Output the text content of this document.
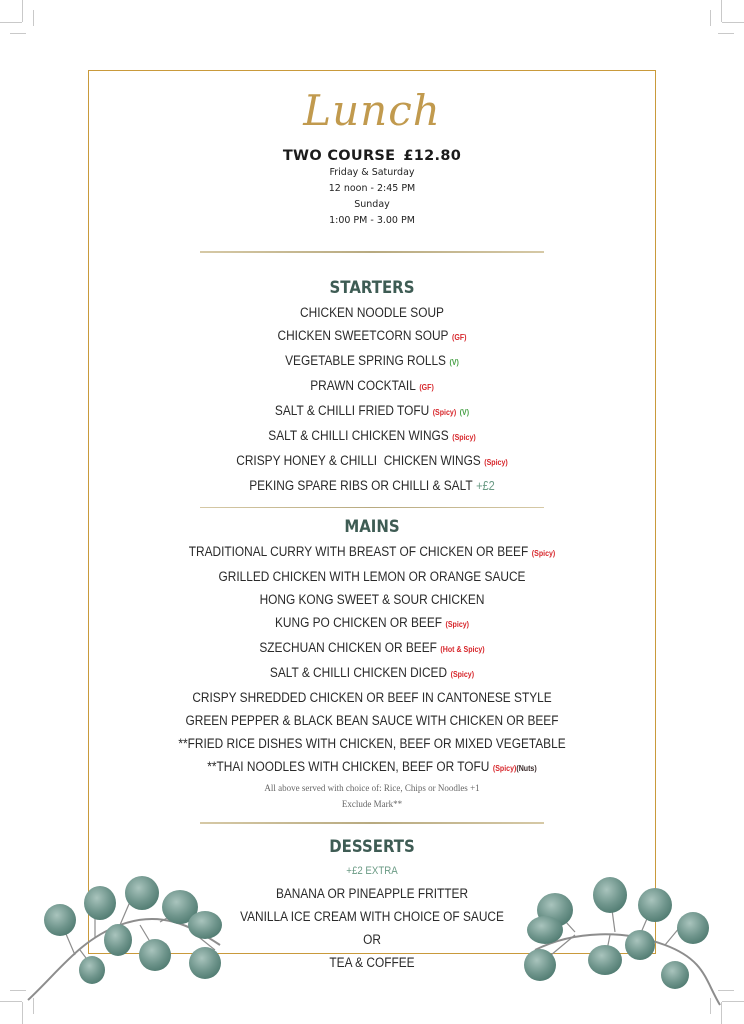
Lunch
TWO COURSE £12.80
Friday & Saturday
12 noon - 2:45 PM
Sunday
1:00 PM - 3.00 PM
STARTERS
CHICKEN NOODLE SOUP
CHICKEN SWEETCORN SOUP (GF)
VEGETABLE SPRING ROLLS (V)
PRAWN COCKTAIL (GF)
SALT & CHILLI FRIED TOFU (Spicy) (V)
SALT & CHILLI CHICKEN WINGS (Spicy)
CRISPY HONEY & CHILLI  CHICKEN WINGS (Spicy)
PEKING SPARE RIBS OR CHILLI & SALT +£2
MAINS
TRADITIONAL CURRY WITH BREAST OF CHICKEN OR BEEF (Spicy)
GRILLED CHICKEN WITH LEMON OR ORANGE SAUCE
HONG KONG SWEET & SOUR CHICKEN
KUNG PO CHICKEN OR BEEF (Spicy)
SZECHUAN CHICKEN OR BEEF (Hot & Spicy)
SALT & CHILLI CHICKEN DICED (Spicy)
CRISPY SHREDDED CHICKEN OR BEEF IN CANTONESE STYLE
GREEN PEPPER & BLACK BEAN SAUCE WITH CHICKEN OR BEEF
**FRIED RICE DISHES WITH CHICKEN, BEEF OR MIXED VEGETABLE
**THAI NOODLES WITH CHICKEN, BEEF OR TOFU (Spicy)(Nuts)
All above served with choice of: Rice, Chips or Noodles +1
Exclude Mark**
DESSERTS
+£2 EXTRA
BANANA OR PINEAPPLE FRITTER
VANILLA ICE CREAM WITH CHOICE OF SAUCE
OR
TEA & COFFEE
